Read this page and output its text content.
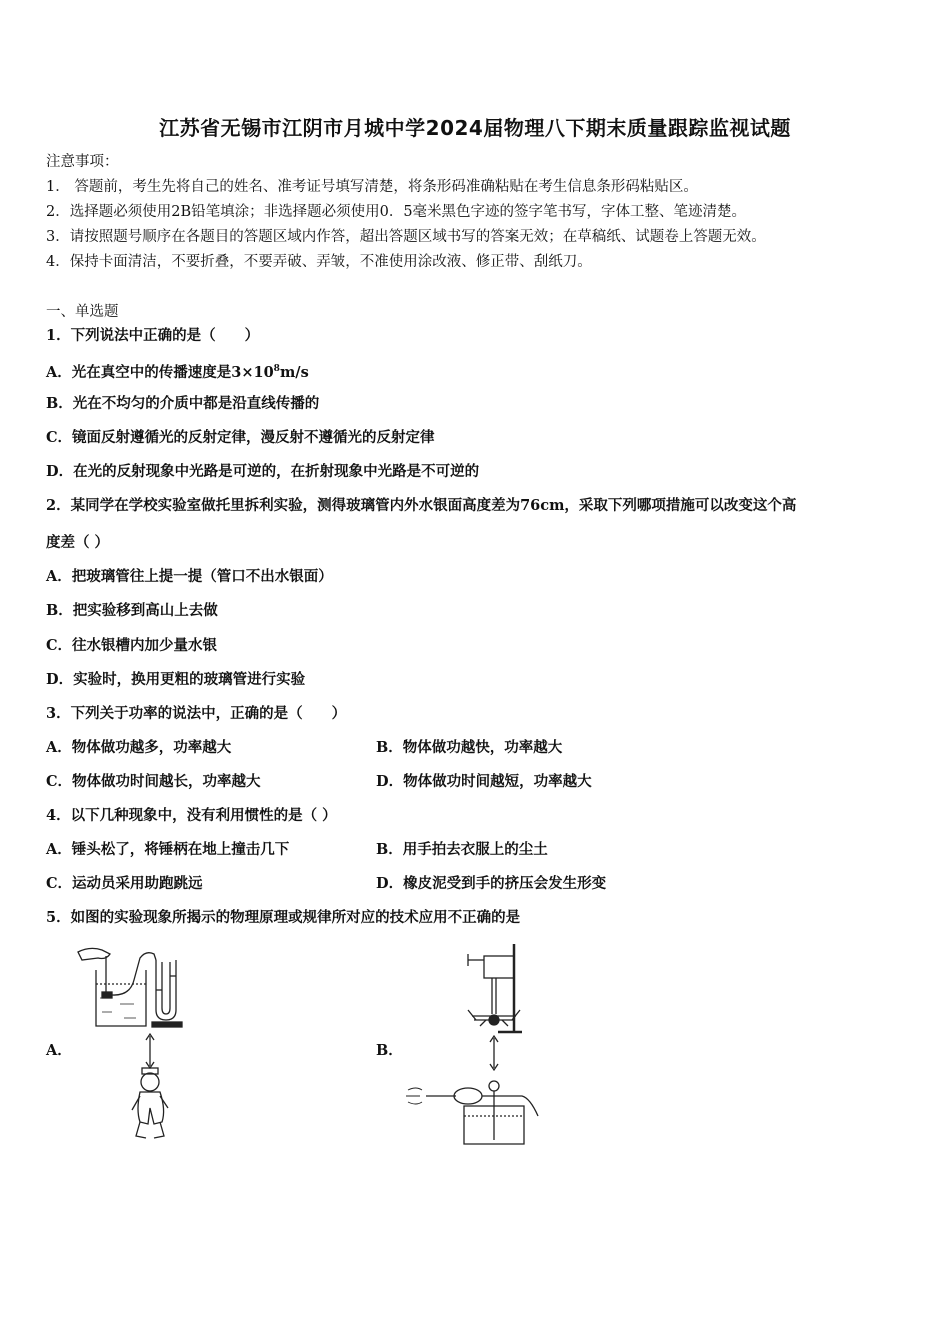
江苏省无锡市江阴市月城中学2024届物理八下期末质量跟踪监视试题
注意事项：
1． 答题前，考生先将自己的姓名、准考证号填写清楚，将条形码准确粘贴在考生信息条形码粘贴区。
2．选择题必须使用2B铅笔填涂；非选择题必须使用0．5毫米黑色字迹的签字笔书写，字体工整、笔迹清楚。
3．请按照题号顺序在各题目的答题区域内作答，超出答题区域书写的答案无效；在草稿纸、试题卷上答题无效。
4．保持卡面清洁，不要折叠，不要弄破、弄皱，不准使用涂改液、修正带、刮纸刀。
一、单选题
1．下列说法中正确的是（　　）
A．光在真空中的传播速度是$3\times 10^8m/s$
B．光在不均匀的介质中都是沿直线传播的
C．镜面反射遵循光的反射定律，漫反射不遵循光的反射定律
D．在光的反射现象中光路是可逆的，在折射现象中光路是不可逆的
2．某同学在学校实验室做托里拆利实验，测得玻璃管内外水银面高度差为76cm，采取下列哪项措施可以改变这个高
度差（ ）
A．把玻璃管往上提一提（管口不出水银面）
B．把实验移到高山上去做
C．往水银槽内加少量水银
D．实验时，换用更粗的玻璃管进行实验
3．下列关于功率的说法中，正确的是（　　）
A．物体做功越多，功率越大	B．物体做功越快，功率越大
C．物体做功时间越长，功率越大	D．物体做功时间越短，功率越大
4．以下几种现象中，没有利用惯性的是（ ）
A．锤头松了，将锤柄在地上撞击几下	B．用手拍去衣服上的尘土
C．运动员采用助跑跳远	D．橡皮泥受到手的挤压会发生形变
5．如图的实验现象所揭示的物理原理或规律所对应的技术应用不正确的是
A．	B．
